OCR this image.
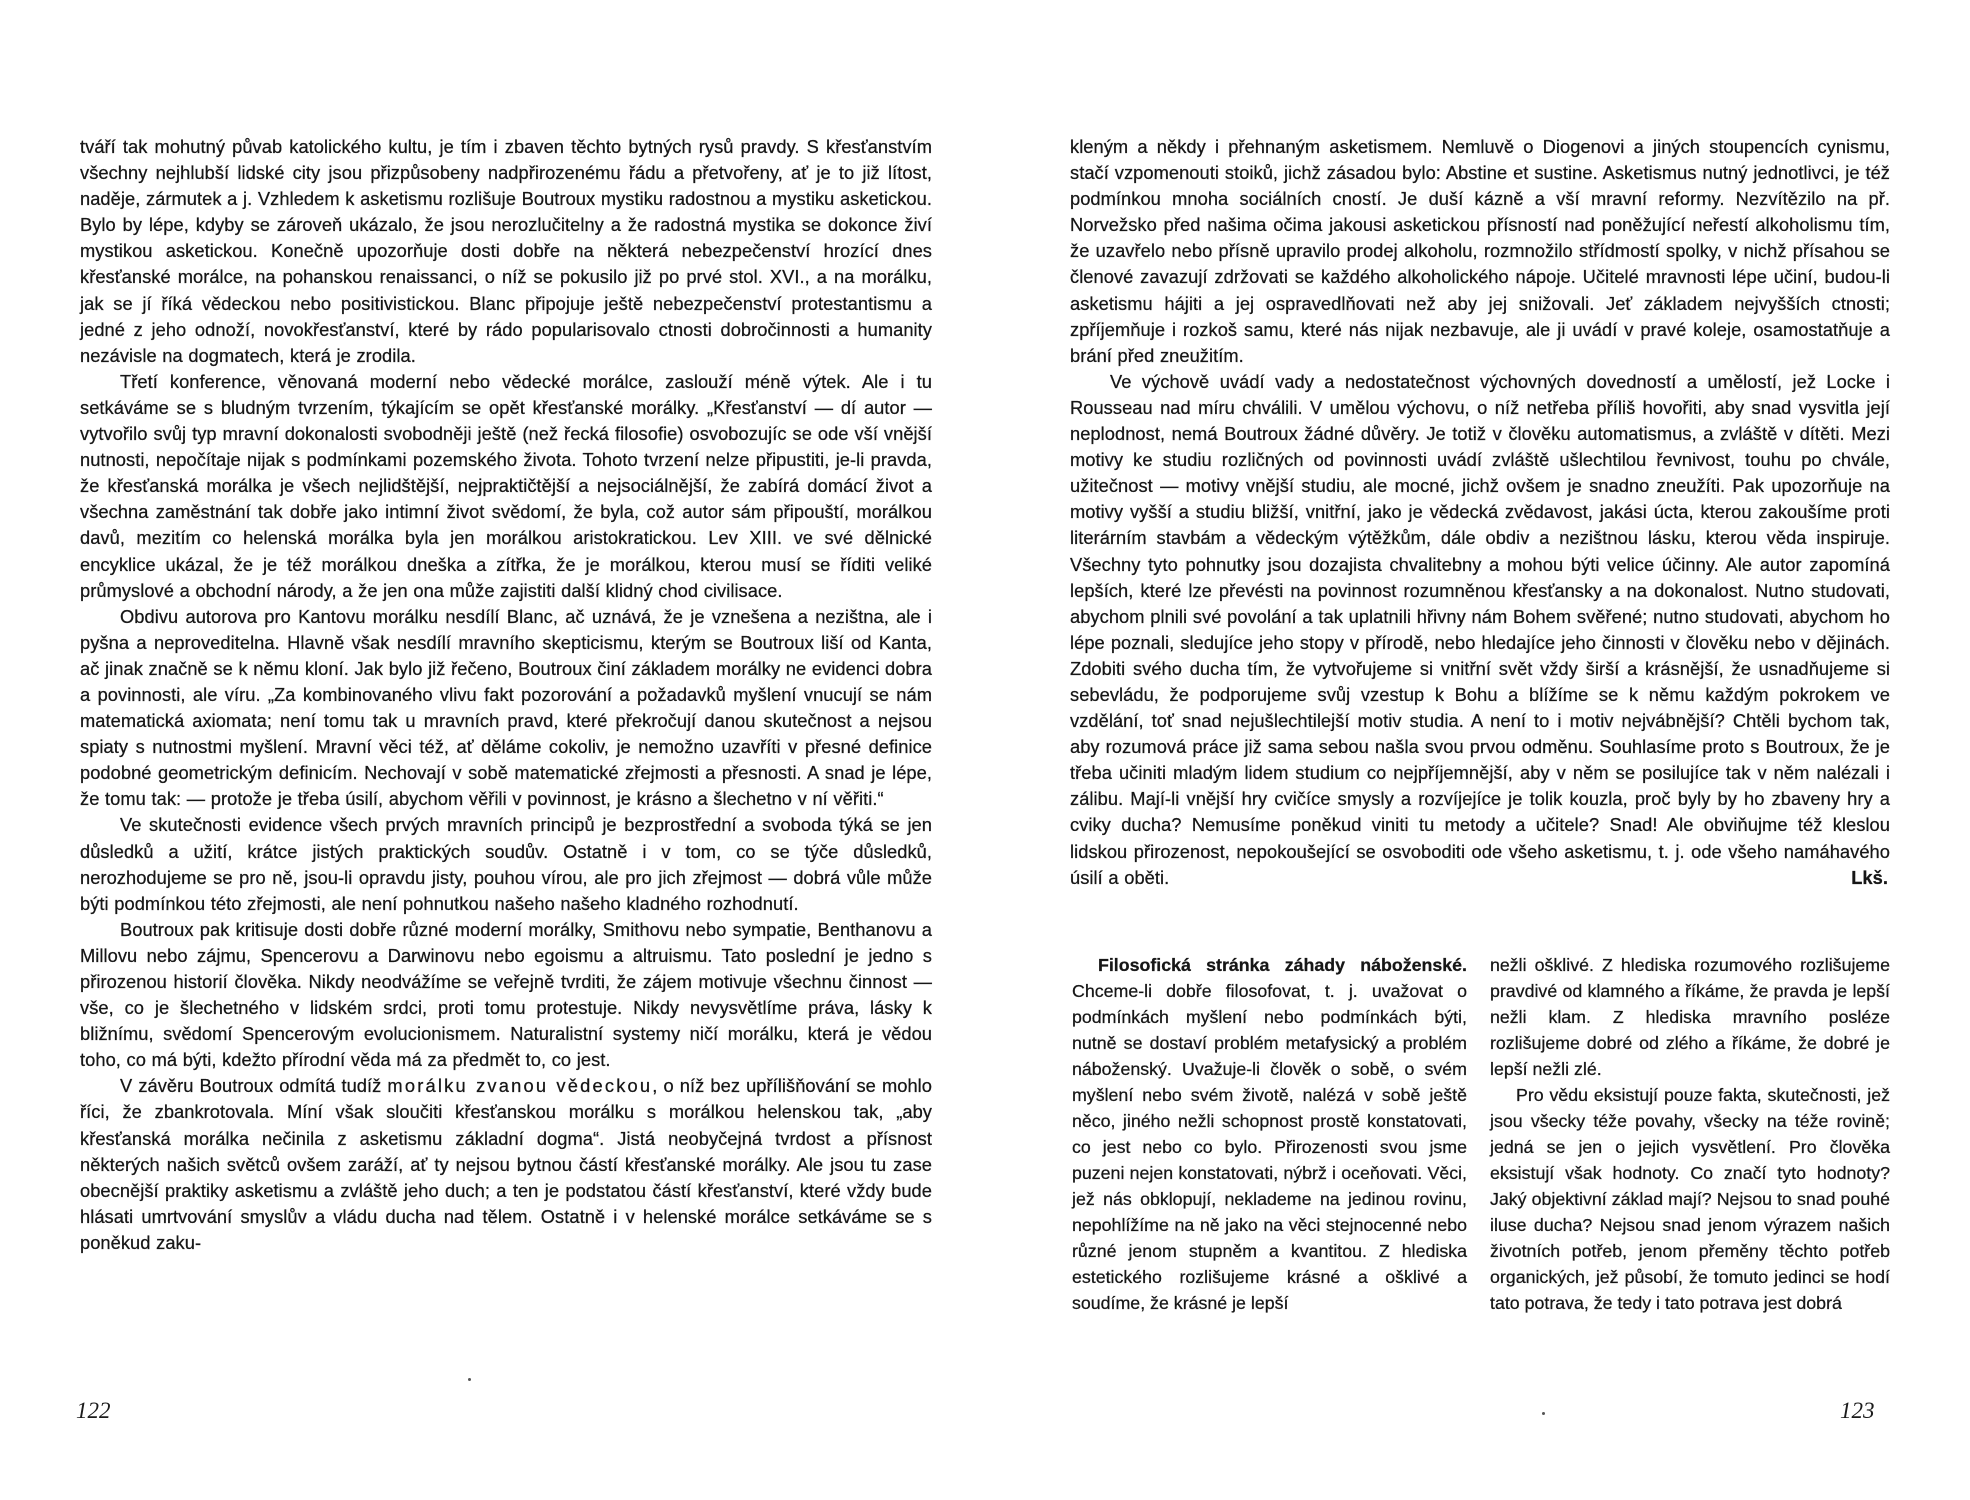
tváří tak mohutný půvab katolického kultu, je tím i zbaven těchto bytných rysů pravdy. S křesťanstvím všechny nejhlubší lidské city jsou přizpůsobeny nadpřirozenému řádu a přetvořeny, ať je to již lítost, naděje, zármutek a j. Vzhledem k asketismu rozlišuje Boutroux mystiku radostnou a mystiku asketickou. Bylo by lépe, kdyby se zároveň ukázalo, že jsou nerozlučitelny a že radostná mystika se dokonce živí mystikou asketickou. Konečně upozorňuje dosti dobře na některá nebezpečenství hrozící dnes křesťanské morálce, na pohanskou renaissanci, o níž se pokusilo již po prvé stol. XVI., a na morálku, jak se jí říká vědeckou nebo positivistickou. Blanc připojuje ještě nebezpečenství protestantismu a jedné z jeho odnoží, novokřesťanství, které by rádo popularisovalo ctnosti dobročinnosti a humanity nezávisle na dogmatech, která je zrodila.

Třetí konference, věnovaná moderní nebo vědecké morálce, zaslouží méně výtek. Ale i tu setkáváme se s bludným tvrzením, týkajícím se opět křesťanské morálky. „Křesťanství — dí autor — vytvořilo svůj typ mravní dokonalosti svobodněji ještě (než řecká filosofie) osvobozujíc se ode vší vnější nutnosti, nepočítaje nijak s podmínkami pozemského života. Tohoto tvrzení nelze připustiti, je-li pravda, že křesťanská morálka je všech nejlidštější, nejpraktičtější a nejsociálnější, že zabírá domácí život a všechna zaměstnání tak dobře jako intimní život svědomí, že byla, což autor sám připouští, morálkou davů, mezitím co helenská morálka byla jen morálkou aristokratickou. Lev XIII. ve své dělnické encyklice ukázal, že je též morálkou dneška a zítřka, že je morálkou, kterou musí se říditi veliké průmyslové a obchodní národy, a že jen ona může zajistiti další klidný chod civilisace.

Obdivu autorova pro Kantovu morálku nesdílí Blanc, ač uznává, že je vznešena a nezištna, ale i pyšna a neproveditelna. Hlavně však nesdílí mravního skepticismu, kterým se Boutroux liší od Kanta, ač jinak značně se k němu kloní. Jak bylo již řečeno, Boutroux činí základem morálky ne evidenci dobra a povinnosti, ale víru. „Za kombinovaného vlivu fakt pozorování a požadavků myšlení vnucují se nám matematická axiomata; není tomu tak u mravních pravd, které překročují danou skutečnost a nejsou spiaty s nutnostmi myšlení. Mravní věci též, ať děláme cokoliv, je nemožno uzavříti v přesné definice podobné geometrickým definicím. Nechovají v sobě matematické zřejmosti a přesnosti. A snad je lépe, že tomu tak: — protože je třeba úsilí, abychom věřili v povinnost, je krásno a šlechetno v ní věřiti.“

Ve skutečnosti evidence všech prvých mravních principů je bezprostřední a svoboda týká se jen důsledků a užití, krátce jistých praktických soudův. Ostatně i v tom, co se týče důsledků, nerozhodujeme se pro ně, jsou-li opravdu jisty, pouhou vírou, ale pro jich zřejmost — dobrá vůle může býti podmínkou této zřejmosti, ale není pohnutkou našeho našeho kladného rozhodnutí.

Boutroux pak kritisuje dosti dobře různé moderní morálky, Smithovu nebo sympatie, Benthanovu a Millovu nebo zájmu, Spencerovu a Darwinovu nebo egoismu a altruismu. Tato poslední je jedno s přirozenou historií člověka. Nikdy neodvážíme se veřejně tvrditi, že zájem motivuje všechnu činnost — vše, co je šlechetného v lidském srdci, proti tomu protestuje. Nikdy nevysvětlíme práva, lásky k bližnímu, svědomí Spencerovým evolucionismem. Naturalistní systemy ničí morálku, která je vědou toho, co má býti, kdežto přírodní věda má za předmět to, co jest.

V závěru Boutroux odmítá tudíž morálku zvanou vědeckou, o níž bez upřílišňování se mohlo říci, že zbankrotovala. Míní však sloučiti křesťanskou morálku s morálkou helenskou tak, „aby křesťanská morálka nečinila z asketismu základní dogma“. Jistá neobyčejná tvrdost a přísnost některých našich světců ovšem zaráží, ať ty nejsou bytnou částí křesťanské morálky. Ale jsou tu zase obecnější praktiky asketismu a zvláště jeho duch; a ten je podstatou částí křesťanství, které vždy bude hlásati umrtvování smyslův a vládu ducha nad tělem. Ostatně i v helenské morálce setkáváme se s poněkud zaku-

122

kleným a někdy i přehnaným asketismem. Nemluvě o Diogenovi a jiných stoupencích cynismu, stačí vzpomenouti stoiků, jichž zásadou bylo: Abstine et sustine. Asketismus nutný jednotlivci, je též podmínkou mnoha sociálních cností. Je duší kázně a vší mravní reformy. Nezvítězilo na př. Norvežsko před našima očima jakousi asketickou přísností nad poněžující neřestí alkoholismu tím, že uzavřelo nebo přísně upravilo prodej alkoholu, rozmnožilo střídmostí spolky, v nichž přísahou se členové zavazují zdržovati se každého alkoholického nápoje. Učitelé mravnosti lépe učiní, budou-li asketismu hájiti a jej ospravedlňovati než aby jej snižovali. Jeť základem nejvyšších ctnosti; zpříjemňuje i rozkoš samu, které nás nijak nezbavuje, ale ji uvádí v pravé koleje, osamostatňuje a brání před zneužitím.

Ve výchově uvádí vady a nedostatečnost výchovných dovedností a umělostí, jež Locke i Rousseau nad míru chválili. V umělou výchovu, o níž netřeba příliš hovořiti, aby snad vysvitla její neplodnost, nemá Boutroux žádné důvěry. Je totiž v člověku automatismus, a zvláště v dítěti. Mezi motivy ke studiu rozličných od povinnosti uvádí zvláště ušlechtilou řevnivost, touhu po chvále, užitečnost — motivy vnější studiu, ale mocné, jichž ovšem je snadno zneužíti. Pak upozorňuje na motivy vyšší a studiu bližší, vnitřní, jako je vědecká zvědavost, jakási úcta, kterou zakoušíme proti literárním stavbám a vědeckým výtěžkům, dále obdiv a nezištnou lásku, kterou věda inspiruje. Všechny tyto pohnutky jsou dozajista chvalitebny a mohou býti velice účinny. Ale autor zapomíná lepších, které lze převésti na povinnost rozumněnou křesťansky a na dokonalost. Nutno studovati, abychom plnili své povolání a tak uplatnili hřivny nám Bohem svěřené; nutno studovati, abychom ho lépe poznali, sledujíce jeho stopy v přírodě, nebo hledajíce jeho činnosti v člověku nebo v dějinách. Zdobiti svého ducha tím, že vytvořujeme si vnitřní svět vždy širší a krásnější, že usnadňujeme si sebevládu, že podporujeme svůj vzestup k Bohu a blížíme se k němu každým pokrokem ve vzdělání, toť snad nejušlechtilejší motiv studia. A není to i motiv nejvábnější? Chtěli bychom tak, aby rozumová práce již sama sebou našla svou prvou odměnu. Souhlasíme proto s Boutroux, že je třeba učiniti mladým lidem studium co nejpříjemnější, aby v něm se posilujíce tak v něm nalézali i zálibu. Mají-li vnější hry cvičíce smysly a rozvíjejíce je tolik kouzla, proč byly by ho zbaveny hry a cviky ducha? Nemusíme poněkud viniti tu metody a učitele? Snad! Ale obviňujme též kleslou lidskou přirozenost, nepokoušející se osvoboditi ode všeho asketismu, t. j. ode všeho namáhavého úsilí a oběti.	Lkš.

Filosofická stránka záhady náboženské. Chceme-li dobře filosofovat, t. j. uvažovat o podmínkách myšlení nebo podmínkách býti, nutně se dostaví problém metafysický a problém náboženský. Uvažuje-li člověk o sobě, o svém myšlení nebo svém životě, nalézá v sobě ještě něco, jiného nežli schopnost prostě konstatovati, co jest nebo co bylo. Přirozenosti svou jsme puzeni nejen konstatovati, nýbrž i oceňovati. Věci, jež nás obklopují, neklademe na jedinou rovinu, nepohlížíme na ně jako na věci stejnocenné nebo různé jenom stupněm a kvantitou. Z hlediska estetického rozlišujeme krásné a ošklivé a soudíme, že krásné je lepší

nežli ošklivé. Z hlediska rozumového rozlišujeme pravdivé od klamného a říkáme, že pravda je lepší nežli klam. Z hlediska mravního posléze rozlišujeme dobré od zlého a říkáme, že dobré je lepší nežli zlé.

Pro vědu eksistují pouze fakta, skutečnosti, jež jsou všecky téže povahy, všecky na téže rovině; jedná se jen o jejich vysvětlení. Pro člověka eksistují však hodnoty. Co značí tyto hodnoty? Jaký objektivní základ mají? Nejsou to snad pouhé iluse ducha? Nejsou snad jenom výrazem našich životních potřeb, jenom přeměny těchto potřeb organických, jež působí, že tomuto jedinci se hodí tato potrava, že tedy i tato potrava jest dobrá

123
